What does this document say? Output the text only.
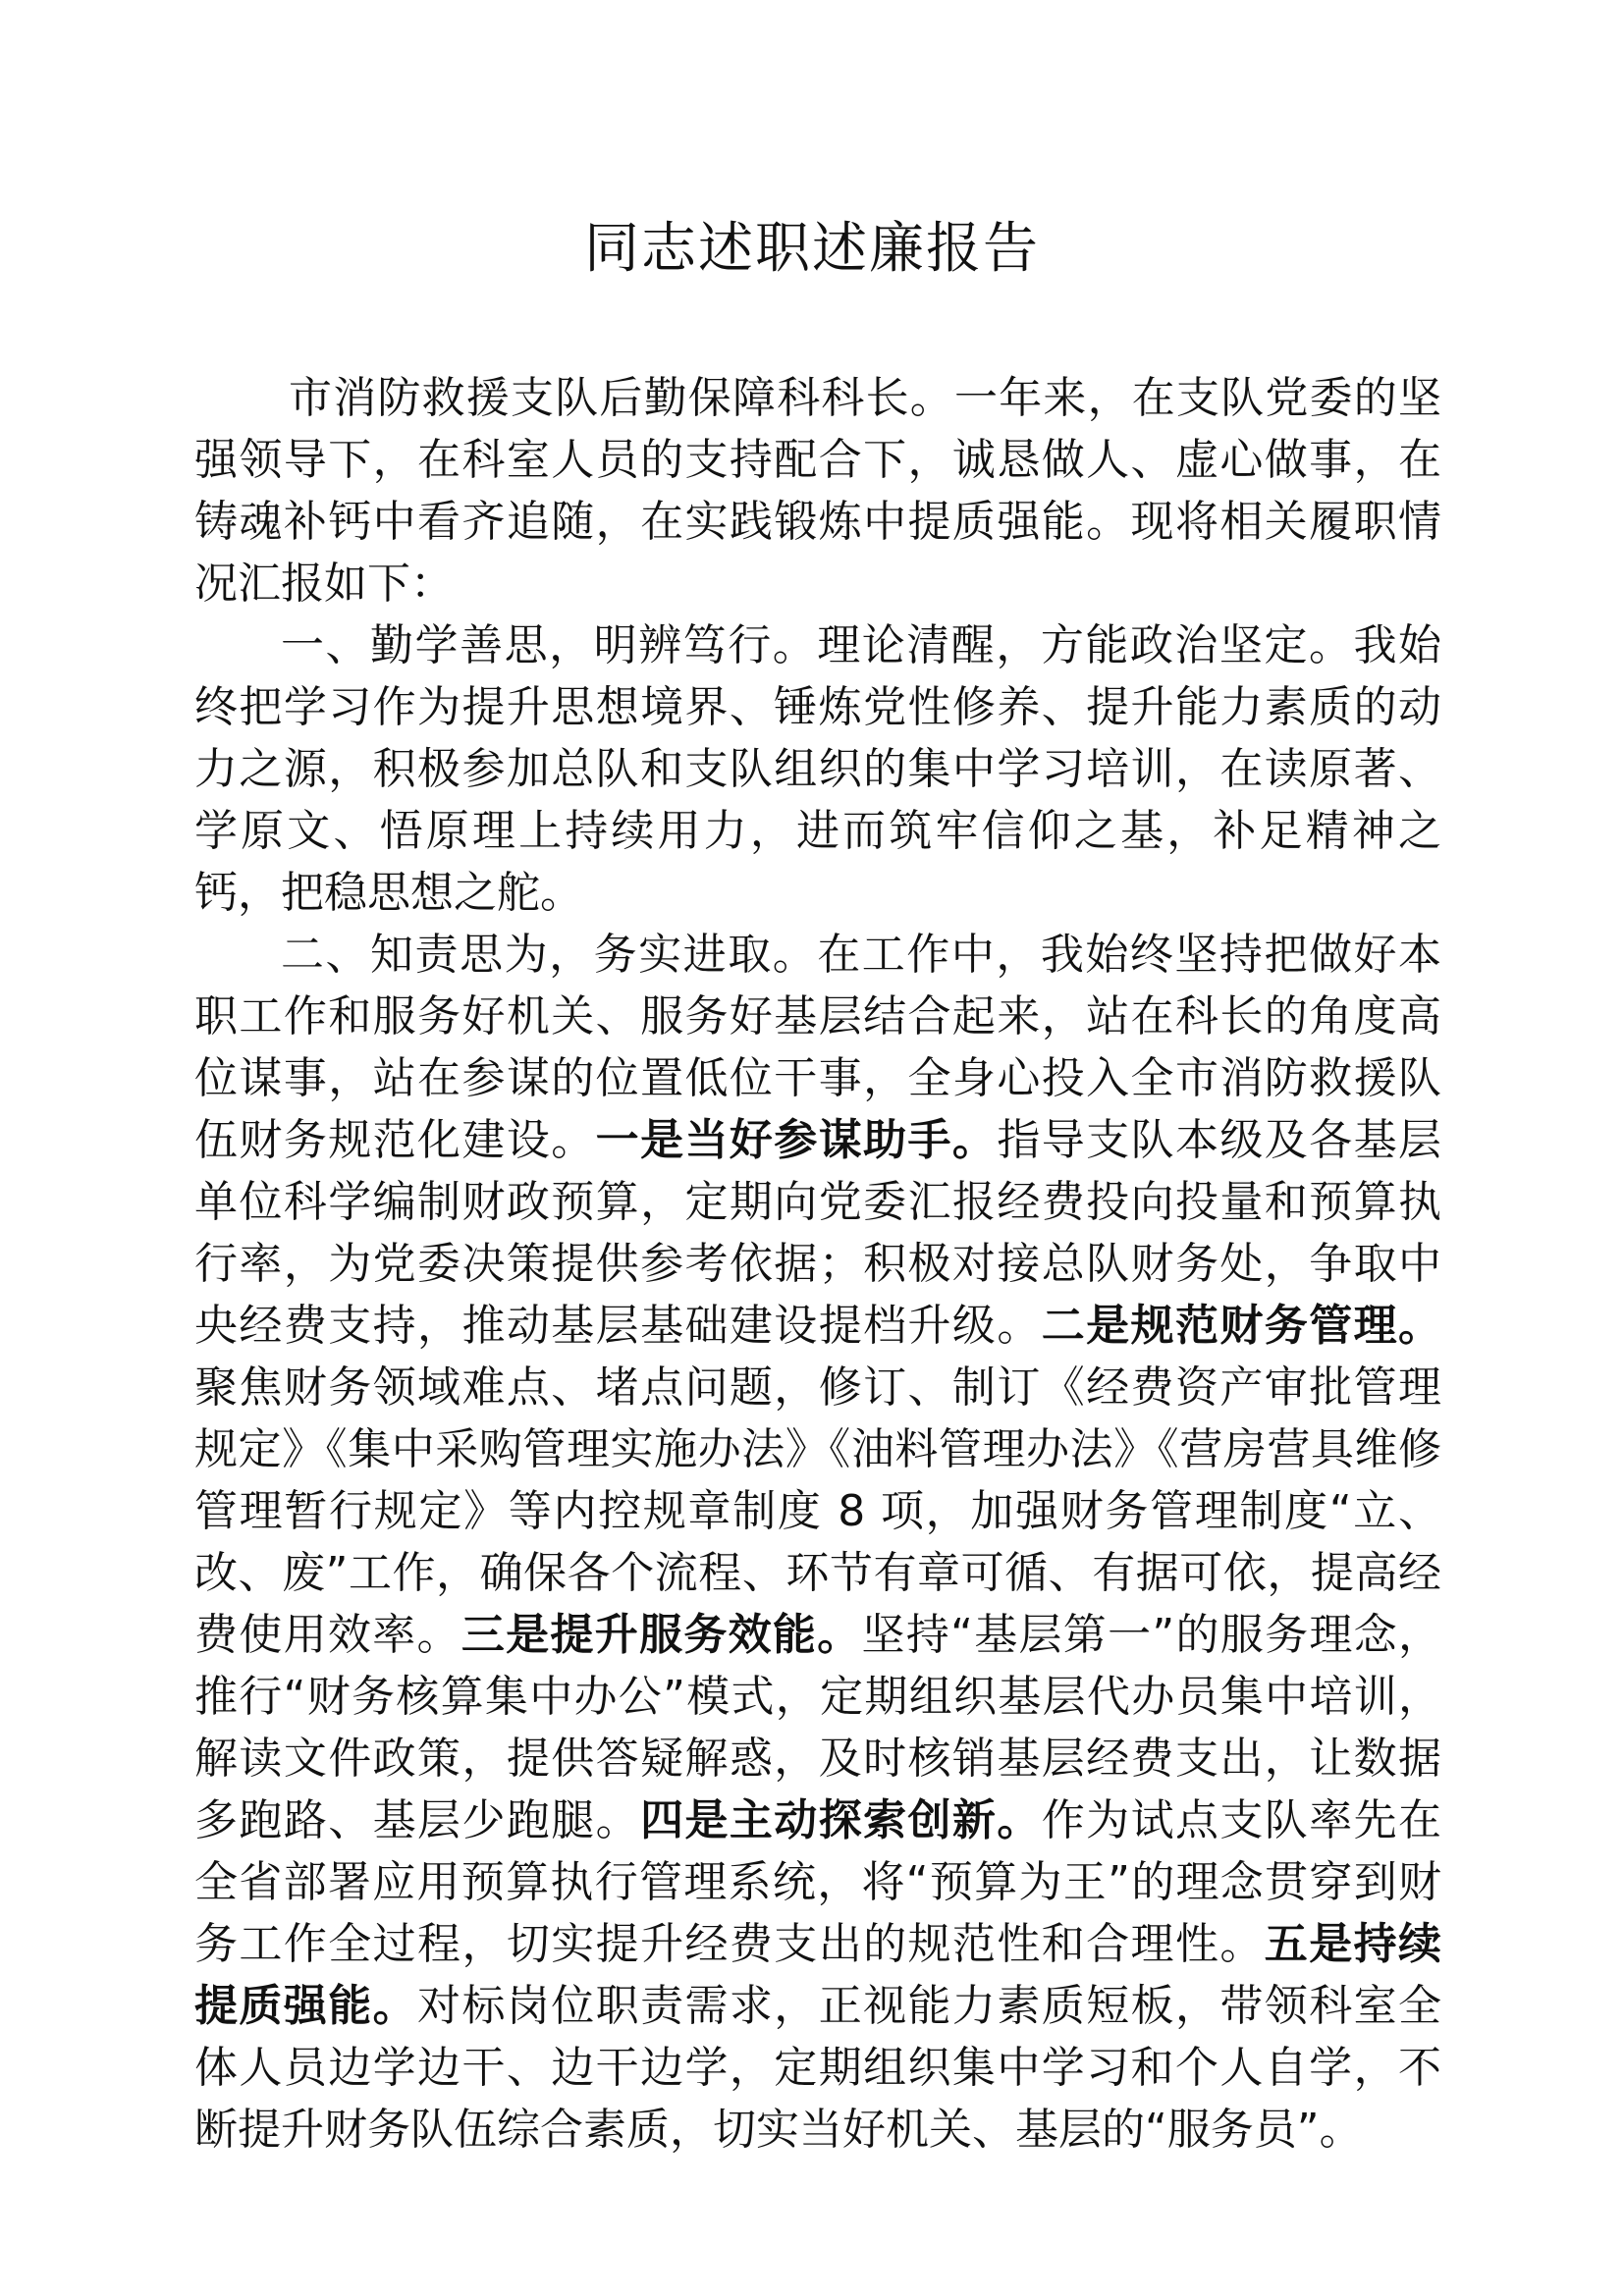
同志述职述廉报告

市消防救援支队后勤保障科科长。一年来，在支队党委的坚强领导下，在科室人员的支持配合下，诚恳做人、虚心做事，在铸魂补钙中看齐追随，在实践锻炼中提质强能。现将相关履职情况汇报如下：

一、勤学善思，明辨笃行。理论清醒，方能政治坚定。我始终把学习作为提升思想境界、锤炼党性修养、提升能力素质的动力之源，积极参加总队和支队组织的集中学习培训，在读原著、学原文、悟原理上持续用力，进而筑牢信仰之基，补足精神之钙，把稳思想之舵。

二、知责思为，务实进取。在工作中，我始终坚持把做好本职工作和服务好机关、服务好基层结合起来，站在科长的角度高位谋事，站在参谋的位置低位干事，全身心投入全市消防救援队伍财务规范化建设。一是当好参谋助手。指导支队本级及各基层单位科学编制财政预算，定期向党委汇报经费投向投量和预算执行率，为党委决策提供参考依据；积极对接总队财务处，争取中央经费支持，推动基层基础建设提档升级。二是规范财务管理。聚焦财务领域难点、堵点问题，修订、制订《经费资产审批管理规定》《集中采购管理实施办法》《油料管理办法》《营房营具维修管理暂行规定》等内控规章制度 8 项，加强财务管理制度“立、改、废”工作，确保各个流程、环节有章可循、有据可依，提高经费使用效率。三是提升服务效能。坚持“基层第一”的服务理念，推行“财务核算集中办公”模式，定期组织基层代办员集中培训，解读文件政策，提供答疑解惑，及时核销基层经费支出，让数据多跑路、基层少跑腿。四是主动探索创新。作为试点支队率先在全省部署应用预算执行管理系统，将“预算为王”的理念贯穿到财务工作全过程，切实提升经费支出的规范性和合理性。五是持续提质强能。对标岗位职责需求，正视能力素质短板，带领科室全体人员边学边干、边干边学，定期组织集中学习和个人自学，不断提升财务队伍综合素质，切实当好机关、基层的“服务员”。
